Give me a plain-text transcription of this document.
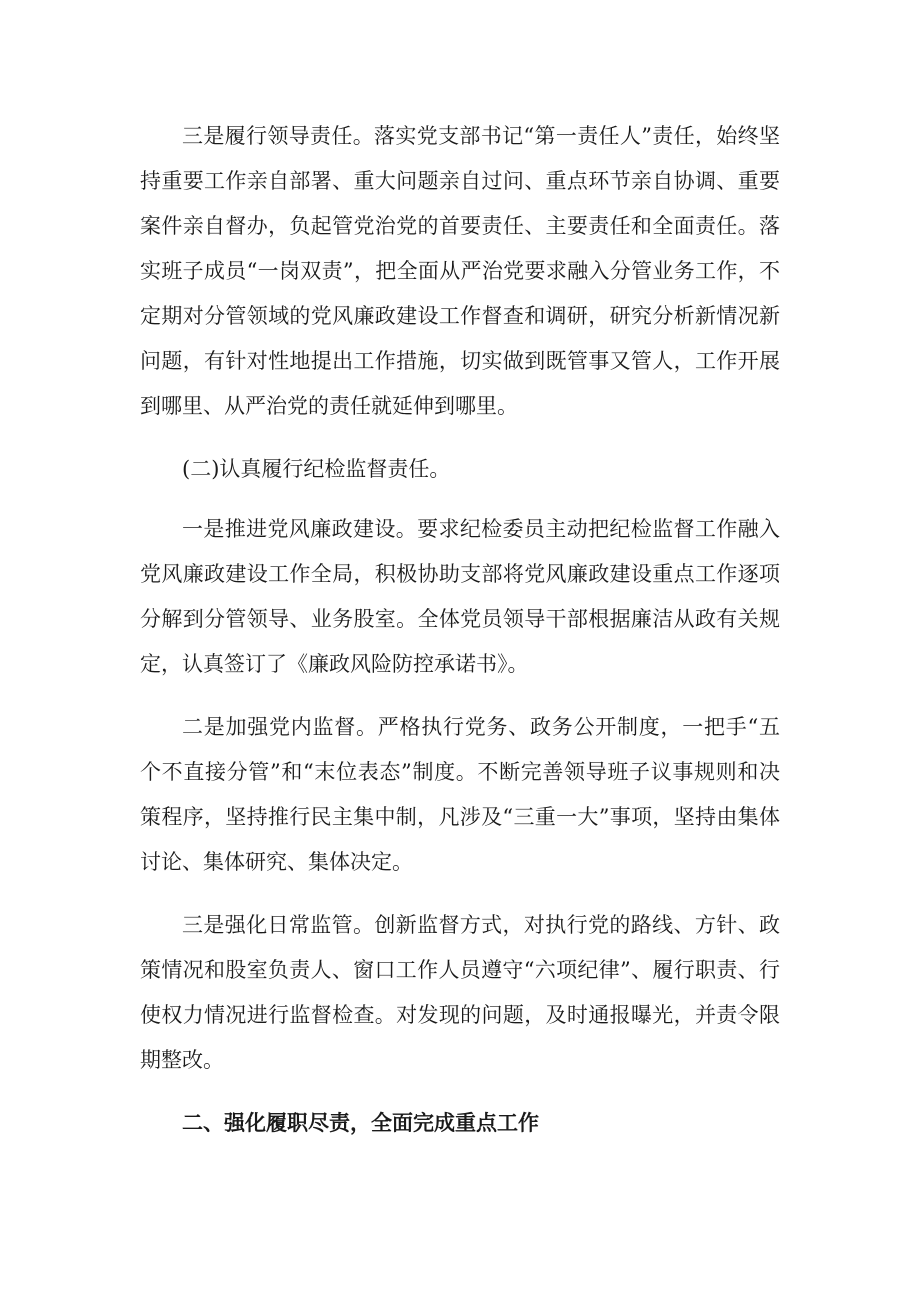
三是履行领导责任。落实党支部书记“第一责任人”责任，始终坚持重要工作亲自部署、重大问题亲自过问、重点环节亲自协调、重要案件亲自督办，负起管党治党的首要责任、主要责任和全面责任。落实班子成员“一岗双责”，把全面从严治党要求融入分管业务工作，不定期对分管领域的党风廉政建设工作督查和调研，研究分析新情况新问题，有针对性地提出工作措施，切实做到既管事又管人，工作开展到哪里、从严治党的责任就延伸到哪里。

(二)认真履行纪检监督责任。

一是推进党风廉政建设。要求纪检委员主动把纪检监督工作融入党风廉政建设工作全局，积极协助支部将党风廉政建设重点工作逐项分解到分管领导、业务股室。全体党员领导干部根据廉洁从政有关规定，认真签订了《廉政风险防控承诺书》。

二是加强党内监督。严格执行党务、政务公开制度，一把手“五个不直接分管”和“末位表态”制度。不断完善领导班子议事规则和决策程序，坚持推行民主集中制，凡涉及“三重一大”事项，坚持由集体讨论、集体研究、集体决定。

三是强化日常监管。创新监督方式，对执行党的路线、方针、政策情况和股室负责人、窗口工作人员遵守“六项纪律”、履行职责、行使权力情况进行监督检查。对发现的问题，及时通报曝光，并责令限期整改。

二、强化履职尽责，全面完成重点工作
